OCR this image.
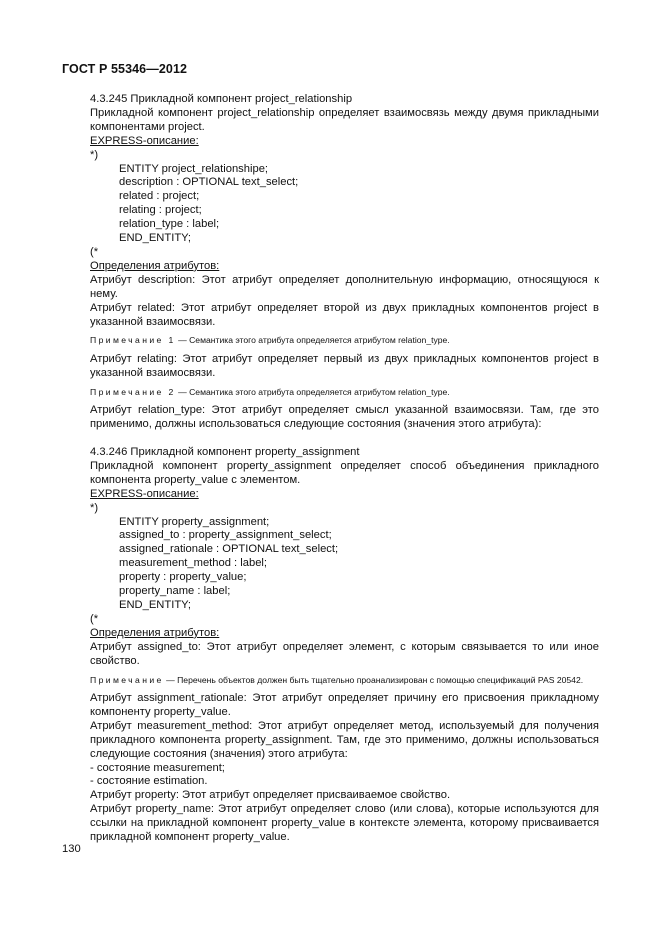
ГОСТ Р 55346—2012

4.3.245 Прикладной компонент project_relationship

Прикладной компонент project_relationship определяет взаимосвязь между двумя прикладными компонентами project.

EXPRESS-описание:

*)

ENTITY project_relationshipe;
description : OPTIONAL text_select;
related : project;
relating : project;
relation_type : label;
END_ENTITY;

(*

Определения атрибутов:

Атрибут description: Этот атрибут определяет дополнительную информацию, относящуюся к нему.

Атрибут related: Этот атрибут определяет второй из двух прикладных компонентов project в указанной взаимосвязи.

Примечание 1 — Семантика этого атрибута определяется атрибутом relation_type.

Атрибут relating: Этот атрибут определяет первый из двух прикладных компонентов project в указанной взаимосвязи.

Примечание 2 — Семантика этого атрибута определяется атрибутом relation_type.

Атрибут relation_type: Этот атрибут определяет смысл указанной взаимосвязи. Там, где это применимо, должны использоваться следующие состояния (значения этого атрибута):

4.3.246 Прикладной компонент property_assignment

Прикладной компонент property_assignment определяет способ объединения прикладного компонента property_value с элементом.

EXPRESS-описание:

*)

ENTITY property_assignment;
assigned_to : property_assignment_select;
assigned_rationale : OPTIONAL text_select;
measurement_method : label;
property : property_value;
property_name : label;
END_ENTITY;

(*

Определения атрибутов:

Атрибут assigned_to: Этот атрибут определяет элемент, с которым связывается то или иное свойство.

Примечание — Перечень объектов должен быть тщательно проанализирован с помощью спецификаций PAS 20542.

Атрибут assignment_rationale: Этот атрибут определяет причину его присвоения прикладному компоненту property_value.

Атрибут measurement_method: Этот атрибут определяет метод, используемый для получения прикладного компонента property_assignment. Там, где это применимо, должны использоваться следующие состояния (значения) этого атрибута:

- состояние measurement;

- состояние estimation.

Атрибут property: Этот атрибут определяет присваиваемое свойство.

Атрибут property_name: Этот атрибут определяет слово (или слова), которые используются для ссылки на прикладной компонент property_value в контексте элемента, которому присваивается прикладной компонент property_value.

130
